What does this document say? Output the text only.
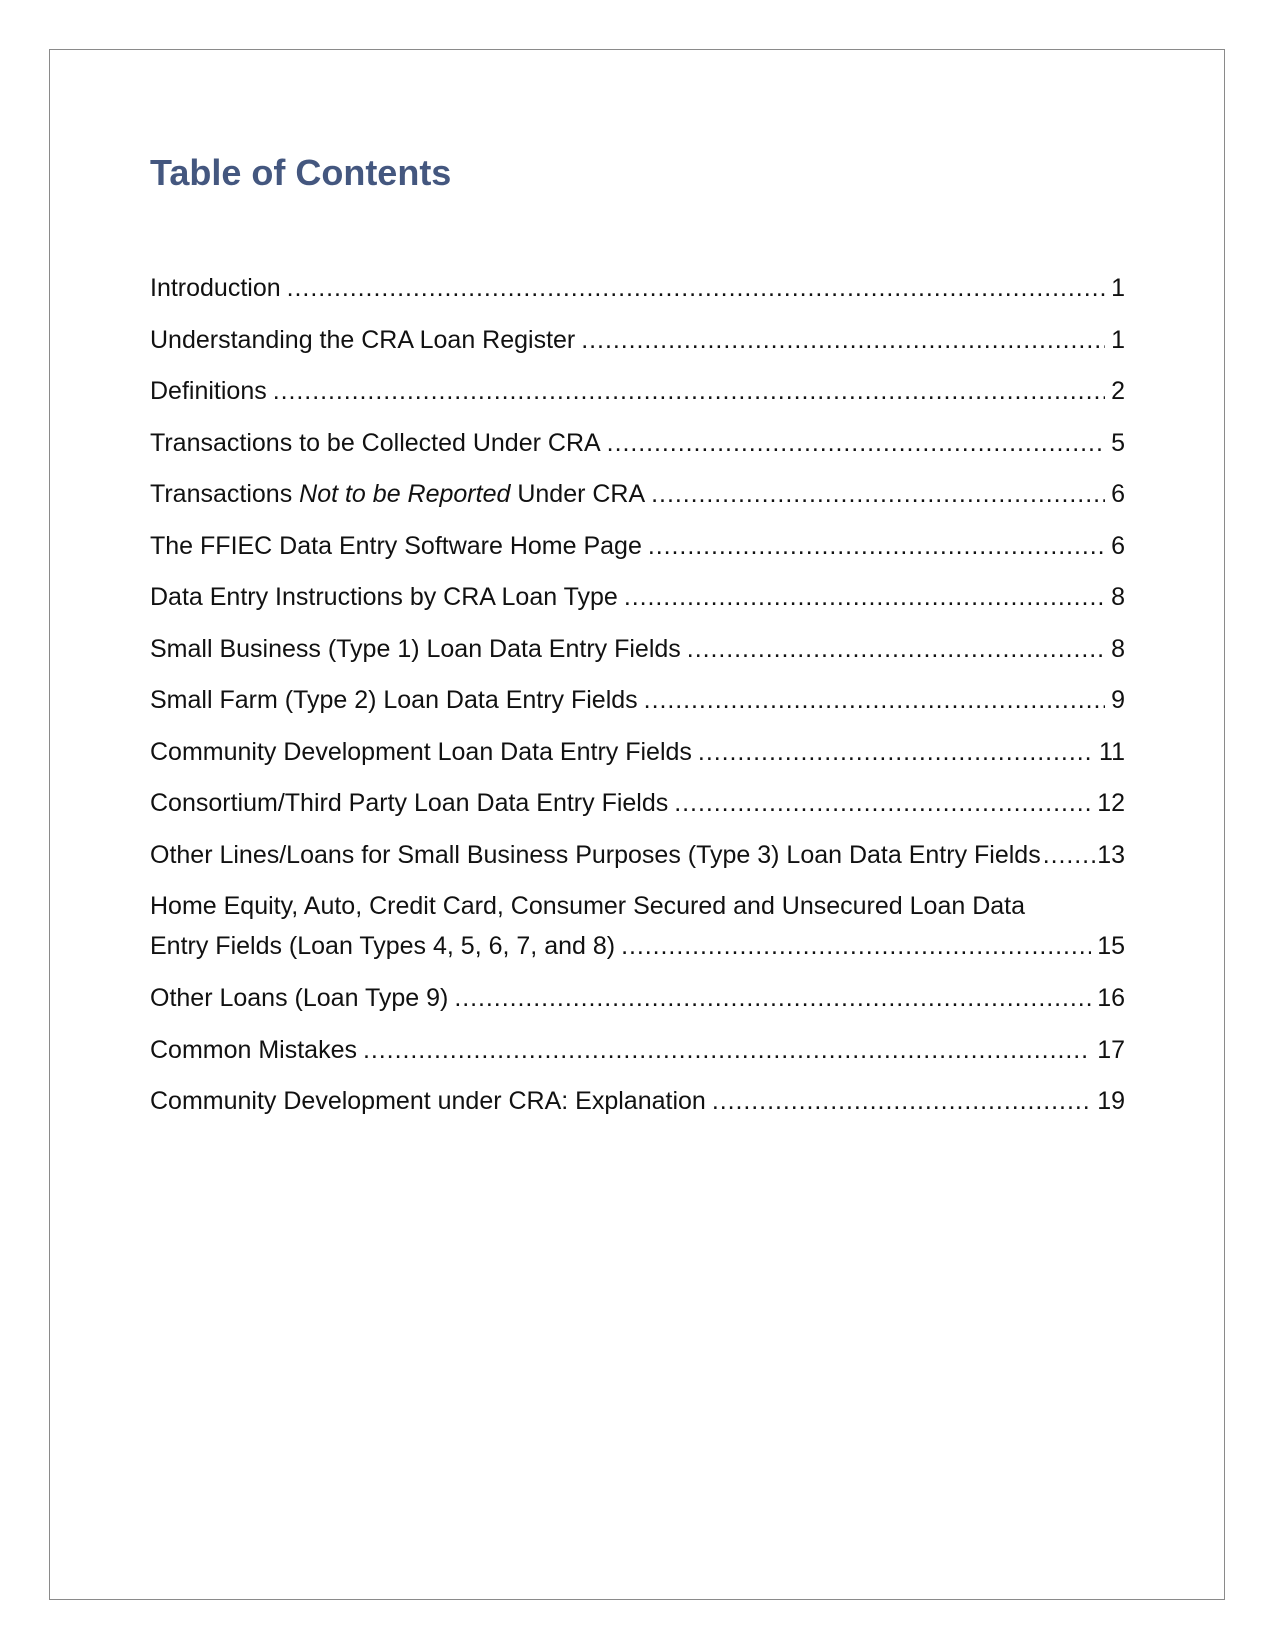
Table of Contents
Introduction . . .	1
Understanding the CRA Loan Register . . .	1
Definitions . . .	2
Transactions to be Collected Under CRA . . .	5
Transactions Not to be Reported Under CRA . . .	6
The FFIEC Data Entry Software Home Page . . .	6
Data Entry Instructions by CRA Loan Type . . .	8
Small Business (Type 1) Loan Data Entry Fields . . .	8
Small Farm (Type 2) Loan Data Entry Fields . . .	9
Community Development Loan Data Entry Fields . . .	11
Consortium/Third Party Loan Data Entry Fields . . .	12
Other Lines/Loans for Small Business Purposes (Type 3) Loan Data Entry Fields . . . 13
Home Equity, Auto, Credit Card, Consumer Secured and Unsecured Loan Data
Entry Fields (Loan Types 4, 5, 6, 7, and 8) . . .	15
Other Loans (Loan Type 9) . . .	16
Common Mistakes . . .	17
Community Development under CRA: Explanation . . .	19
